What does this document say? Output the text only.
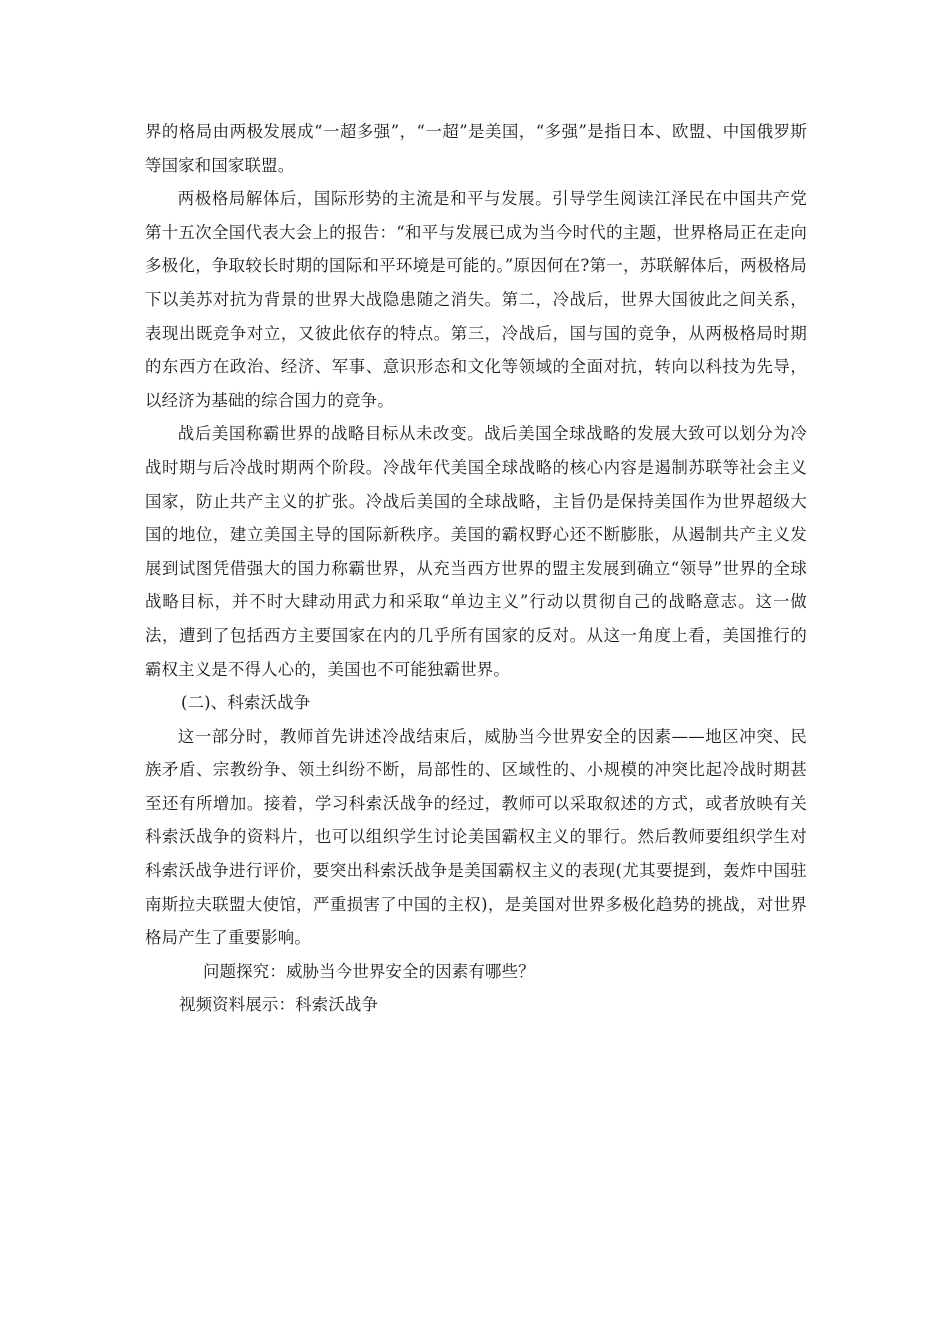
界的格局由两极发展成“一超多强”，“一超”是美国，“多强”是指日本、欧盟、中国俄罗斯等国家和国家联盟。

两极格局解体后，国际形势的主流是和平与发展。引导学生阅读江泽民在中国共产党第十五次全国代表大会上的报告：“和平与发展已成为当今时代的主题，世界格局正在走向多极化，争取较长时期的国际和平环境是可能的。”原因何在?第一，苏联解体后，两极格局下以美苏对抗为背景的世界大战隐患随之消失。第二，冷战后，世界大国彼此之间关系，表现出既竞争对立，又彼此依存的特点。第三，冷战后，国与国的竞争，从两极格局时期的东西方在政治、经济、军事、意识形态和文化等领域的全面对抗，转向以科技为先导，以经济为基础的综合国力的竞争。

战后美国称霸世界的战略目标从未改变。战后美国全球战略的发展大致可以划分为冷战时期与后冷战时期两个阶段。冷战年代美国全球战略的核心内容是遏制苏联等社会主义国家，防止共产主义的扩张。冷战后美国的全球战略，主旨仍是保持美国作为世界超级大国的地位，建立美国主导的国际新秩序。美国的霸权野心还不断膨胀，从遏制共产主义发展到试图凭借强大的国力称霸世界，从充当西方世界的盟主发展到确立“领导”世界的全球战略目标，并不时大肆动用武力和采取“单边主义”行动以贯彻自己的战略意志。这一做法，遭到了包括西方主要国家在内的几乎所有国家的反对。从这一角度上看，美国推行的霸权主义是不得人心的，美国也不可能独霸世界。

(二)、科索沃战争

这一部分时，教师首先讲述冷战结束后，威胁当今世界安全的因素——地区冲突、民族矛盾、宗教纷争、领土纠纷不断，局部性的、区域性的、小规模的冲突比起冷战时期甚至还有所增加。接着，学习科索沃战争的经过，教师可以采取叙述的方式，或者放映有关科索沃战争的资料片，也可以组织学生讨论美国霸权主义的罪行。然后教师要组织学生对科索沃战争进行评价，要突出科索沃战争是美国霸权主义的表现(尤其要提到，轰炸中国驻南斯拉夫联盟大使馆，严重损害了中国的主权)，是美国对世界多极化趋势的挑战，对世界格局产生了重要影响。

问题探究：威胁当今世界安全的因素有哪些？

视频资料展示：科索沃战争
